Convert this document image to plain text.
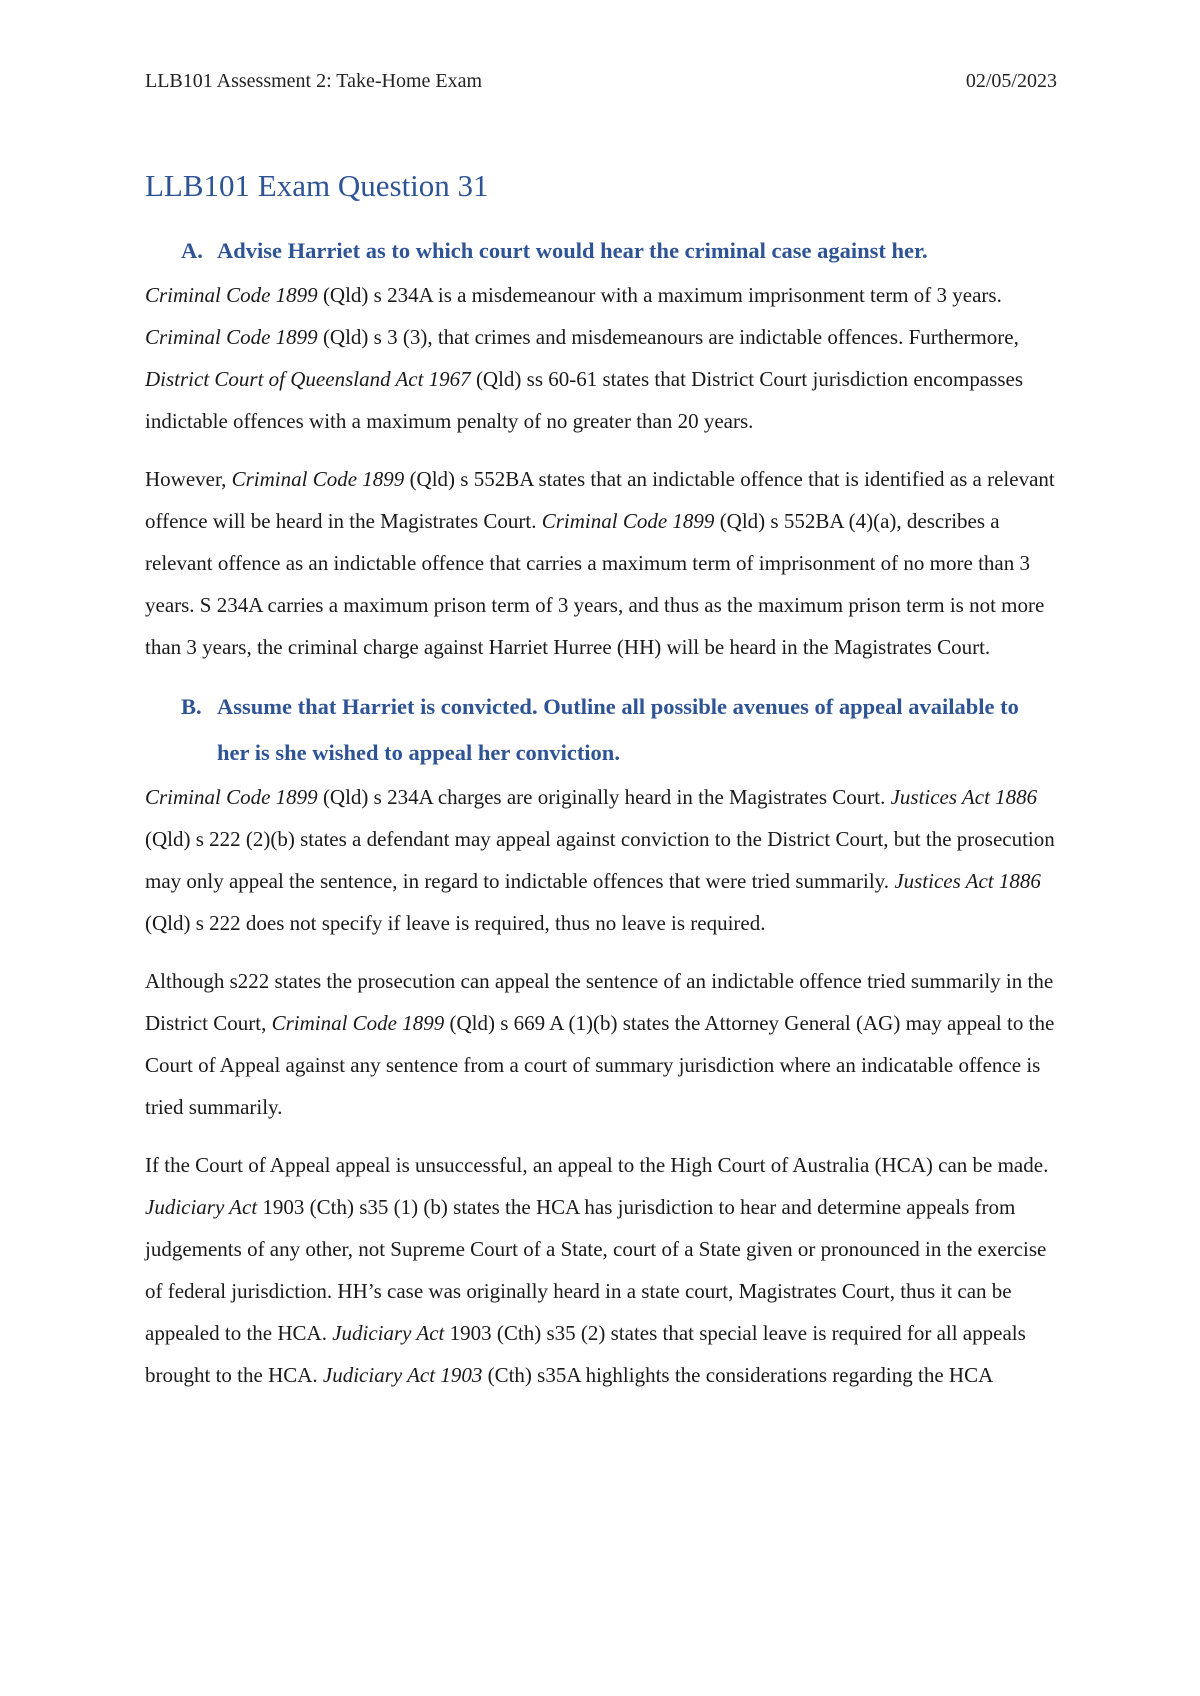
LLB101 Assessment 2: Take-Home Exam	02/05/2023
LLB101 Exam Question 31
A. Advise Harriet as to which court would hear the criminal case against her.

Criminal Code 1899 (Qld) s 234A is a misdemeanour with a maximum imprisonment term of 3 years. Criminal Code 1899 (Qld) s 3 (3), that crimes and misdemeanours are indictable offences. Furthermore, District Court of Queensland Act 1967 (Qld) ss 60-61 states that District Court jurisdiction encompasses indictable offences with a maximum penalty of no greater than 20 years.

However, Criminal Code 1899 (Qld) s 552BA states that an indictable offence that is identified as a relevant offence will be heard in the Magistrates Court. Criminal Code 1899 (Qld) s 552BA (4)(a), describes a relevant offence as an indictable offence that carries a maximum term of imprisonment of no more than 3 years. S 234A carries a maximum prison term of 3 years, and thus as the maximum prison term is not more than 3 years, the criminal charge against Harriet Hurree (HH) will be heard in the Magistrates Court.

B. Assume that Harriet is convicted. Outline all possible avenues of appeal available to her is she wished to appeal her conviction.

Criminal Code 1899 (Qld) s 234A charges are originally heard in the Magistrates Court. Justices Act 1886 (Qld) s 222 (2)(b) states a defendant may appeal against conviction to the District Court, but the prosecution may only appeal the sentence, in regard to indictable offences that were tried summarily. Justices Act 1886 (Qld) s 222 does not specify if leave is required, thus no leave is required.

Although s222 states the prosecution can appeal the sentence of an indictable offence tried summarily in the District Court, Criminal Code 1899 (Qld) s 669 A (1)(b) states the Attorney General (AG) may appeal to the Court of Appeal against any sentence from a court of summary jurisdiction where an indicatable offence is tried summarily.

If the Court of Appeal appeal is unsuccessful, an appeal to the High Court of Australia (HCA) can be made. Judiciary Act 1903 (Cth) s35 (1) (b) states the HCA has jurisdiction to hear and determine appeals from judgements of any other, not Supreme Court of a State, court of a State given or pronounced in the exercise of federal jurisdiction. HH’s case was originally heard in a state court, Magistrates Court, thus it can be appealed to the HCA. Judiciary Act 1903 (Cth) s35 (2) states that special leave is required for all appeals brought to the HCA. Judiciary Act 1903 (Cth) s35A highlights the considerations regarding the HCA
